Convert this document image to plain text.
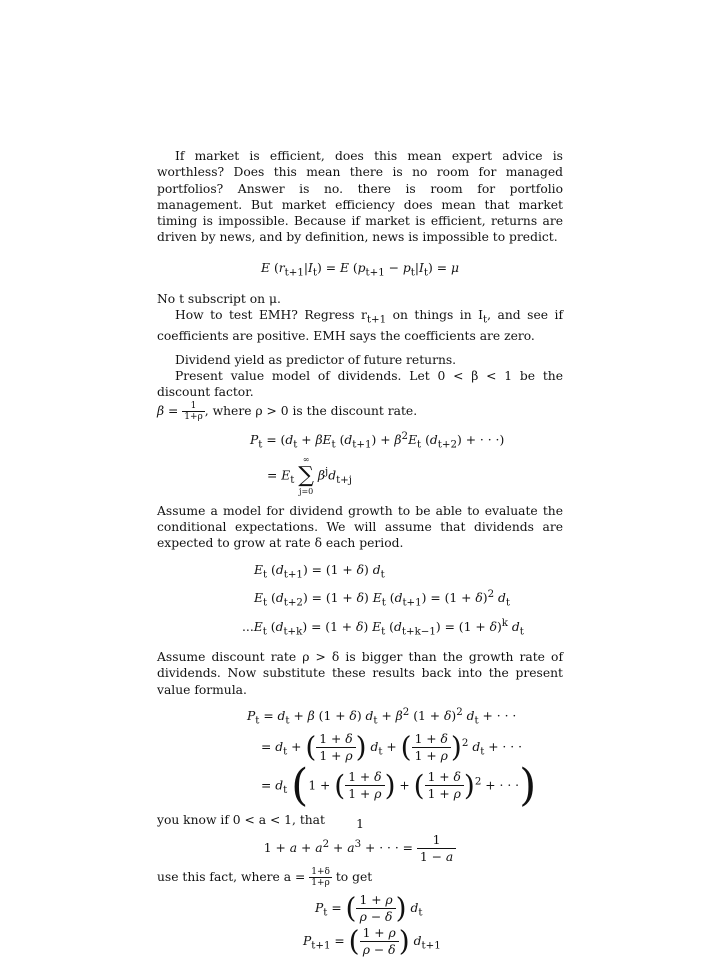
If market is efficient, does this mean expert advice is worthless? Does this mean there is no room for managed portfolios? Answer is no. there is room for portfolio management. But market efficiency does mean that market timing is impossible. Because if market is efficient, returns are driven by news, and by definition, news is impossible to predict.

E $(r_{t+1}|I_t) = E$ $(p_{t+1} - p_t|I_t) = \mu$

No t subscript on μ.

How to test EMH? Regress $r_{t+1}$ on things in $I_t$, and see if coefficients are positive. EMH says the coefficients are zero.

Dividend yield as predictor of future returns.

Present value model of dividends. Let 0 < β < 1 be the discount factor.

$\beta = \frac{1}{1+\rho}$ , where ρ > 0 is the discount rate.

$P_t = (d_t + \beta E_t$ $(d_{t+1}) + \beta^2E_t$ $(d_{t+2})$ + · · ·)
= $E_t$
∞
∑
j=0
$\beta^jd_{t+j}$

Assume a model for dividend growth to be able to evaluate the conditional expectations. We will assume that dividends are expected to grow at rate δ each period.

$E_t$ $(d_{t+1}) = (1 + \delta)$ $d_t$
$E_t$ $(d_{t+2}) = (1 + \delta)$ $E_t$ $(d_{t+1}) = (1 + \delta)^2$ $d_t$
$...E_t$ $(d_{t+k}) = (1 + \delta)$ $E_t$ $(d_{t+k-1}) = (1 + \delta)^k$ $d_t$

Assume discount rate ρ > δ is bigger than the growth rate of dividends. Now substitute these results back into the present value formula.

$P_t = d_t + \beta$ (1 + δ) $d_t + \beta^2$ $(1 + \delta)^2$ $d_t$ + · · ·
= $d_t$ + ( $\frac{1 + \delta}{1 + \rho}$ ) $d_t$ + ( $\frac{1 + \delta}{1 + \rho} )^2$ $d_t$ + · · ·
= $d_t$ (1 + ( $\frac{1 + \delta}{1 + \rho}$ ) + ( $\frac{1 + \delta}{1 + \rho} )^2$ + · · ·)

you know if 0 < a < 1, that

$1 + a + a^2 + a^3$ + · · · = $\frac{1}{1 - a}$

use this fact, where $a = \frac{1+\delta}{1+\rho}$ to get

$P_t$ = ( $\frac{1 + \rho}{\rho - \delta}$ ) $d_t$
$P_{t+1}$ = ( $\frac{1 + \rho}{\rho - \delta}$ ) $d_{t+1}$
1
